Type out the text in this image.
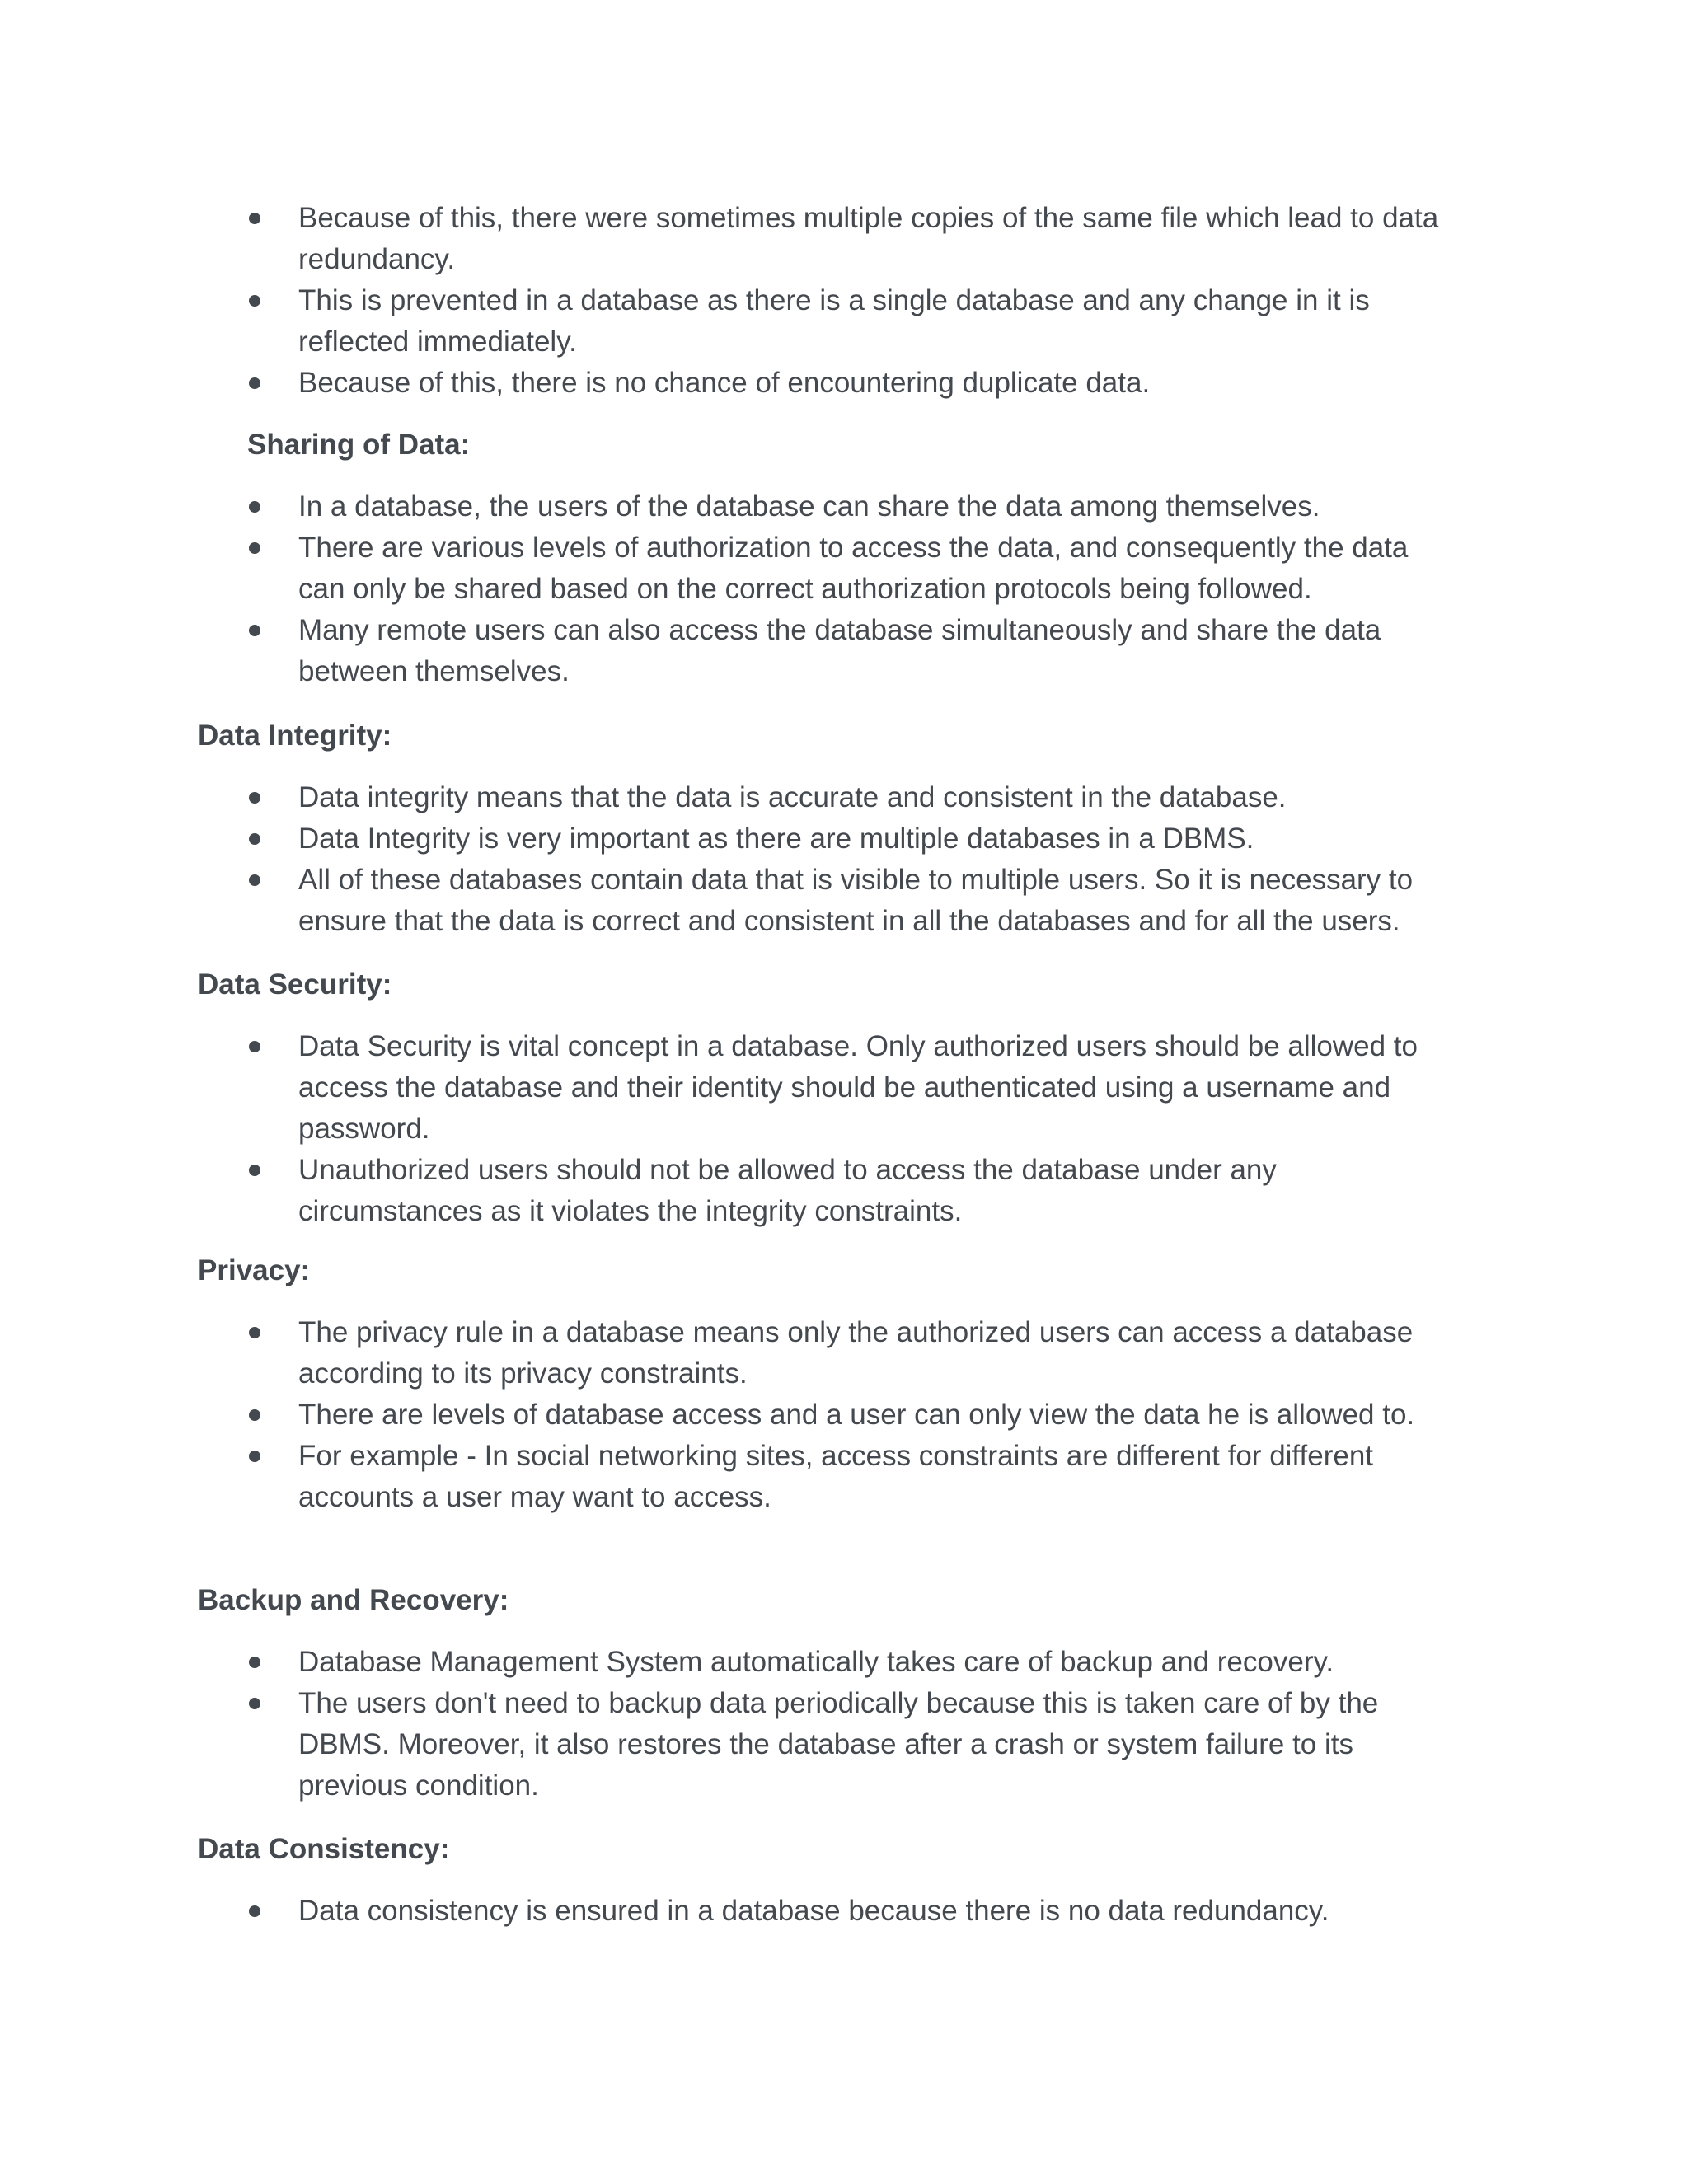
Because of this, there were sometimes multiple copies of the same file which lead to data redundancy.
This is prevented in a database as there is a single database and any change in it is reflected immediately.
Because of this, there is no chance of encountering duplicate data.
Sharing of Data:
In a database, the users of the database can share the data among themselves.
There are various levels of authorization to access the data, and consequently the data can only be shared based on the correct authorization protocols being followed.
Many remote users can also access the database simultaneously and share the data between themselves.
Data Integrity:
Data integrity means that the data is accurate and consistent in the database.
Data Integrity is very important as there are multiple databases in a DBMS.
All of these databases contain data that is visible to multiple users. So it is necessary to ensure that the data is correct and consistent in all the databases and for all the users.
Data Security:
Data Security is vital concept in a database. Only authorized users should be allowed to access the database and their identity should be authenticated using a username and password.
Unauthorized users should not be allowed to access the database under any circumstances as it violates the integrity constraints.
Privacy:
The privacy rule in a database means only the authorized users can access a database according to its privacy constraints.
There are levels of database access and a user can only view the data he is allowed to.
For example - In social networking sites, access constraints are different for different accounts a user may want to access.
Backup and Recovery:
Database Management System automatically takes care of backup and recovery.
The users don't need to backup data periodically because this is taken care of by the DBMS. Moreover, it also restores the database after a crash or system failure to its previous condition.
Data Consistency:
Data consistency is ensured in a database because there is no data redundancy.
